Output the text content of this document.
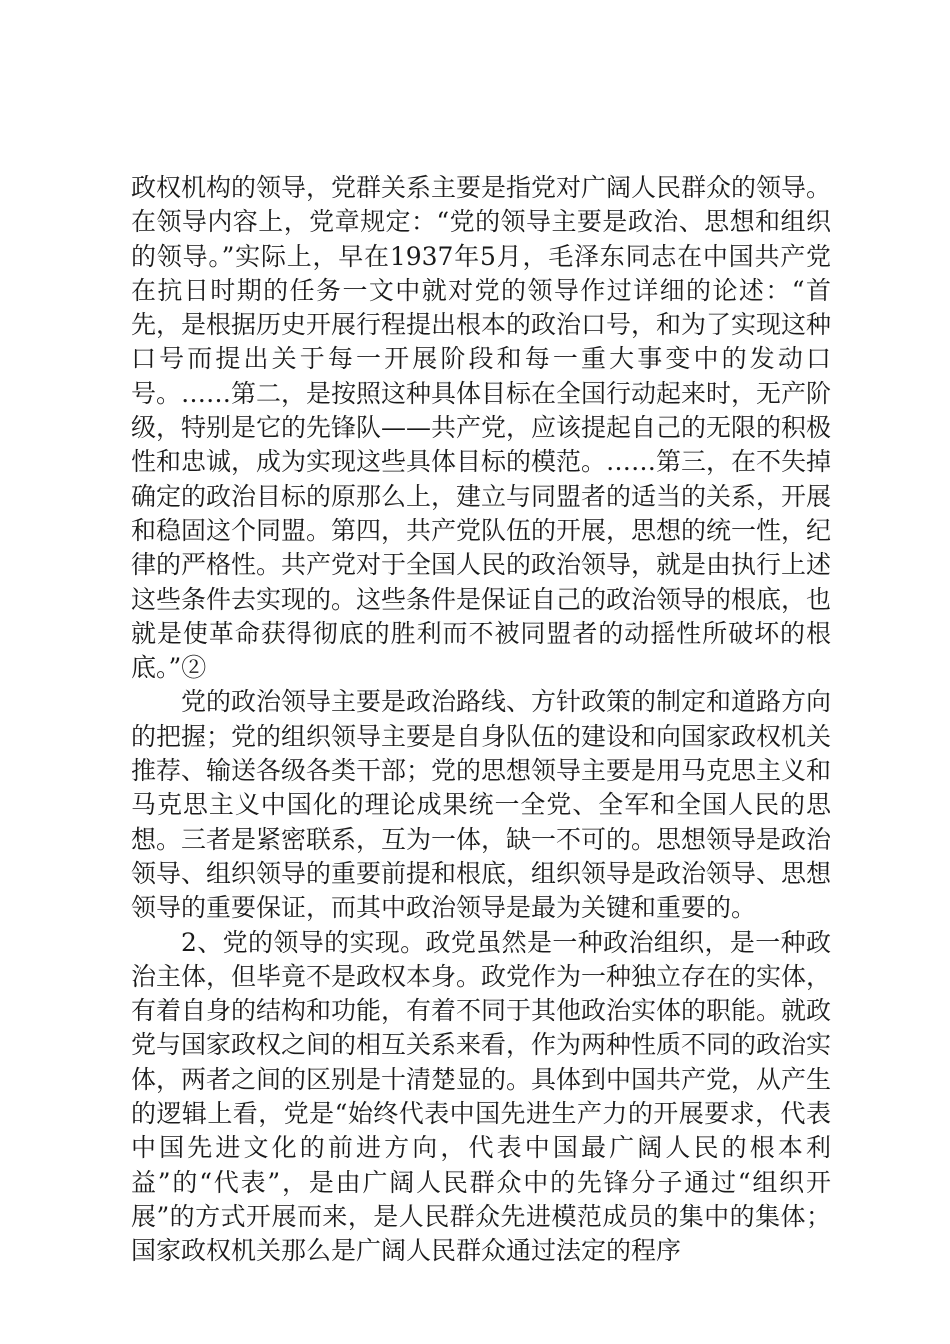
政权机构的领导，党群关系主要是指党对广阔人民群众的领导。在领导内容上，党章规定：“党的领导主要是政治、思想和组织的领导。”实际上，早在1937年5月，毛泽东同志在中国共产党在抗日时期的任务一文中就对党的领导作过详细的论述：“首先，是根据历史开展行程提出根本的政治口号，和为了实现这种口号而提出关于每一开展阶段和每一重大事变中的发动口号。……第二，是按照这种具体目标在全国行动起来时，无产阶级，特别是它的先锋队——共产党，应该提起自己的无限的积极性和忠诚，成为实现这些具体目标的模范。……第三，在不失掉确定的政治目标的原那么上，建立与同盟者的适当的关系，开展和稳固这个同盟。第四，共产党队伍的开展，思想的统一性，纪律的严格性。共产党对于全国人民的政治领导，就是由执行上述这些条件去实现的。这些条件是保证自己的政治领导的根底，也就是使革命获得彻底的胜利而不被同盟者的动摇性所破坏的根底。”②

党的政治领导主要是政治路线、方针政策的制定和道路方向的把握；党的组织领导主要是自身队伍的建设和向国家政权机关推荐、输送各级各类干部；党的思想领导主要是用马克思主义和马克思主义中国化的理论成果统一全党、全军和全国人民的思想。三者是紧密联系，互为一体，缺一不可的。思想领导是政治领导、组织领导的重要前提和根底，组织领导是政治领导、思想领导的重要保证，而其中政治领导是最为关键和重要的。

2、党的领导的实现。政党虽然是一种政治组织，是一种政治主体，但毕竟不是政权本身。政党作为一种独立存在的实体，有着自身的结构和功能，有着不同于其他政治实体的职能。就政党与国家政权之间的相互关系来看，作为两种性质不同的政治实体，两者之间的区别是十清楚显的。具体到中国共产党，从产生的逻辑上看，党是“始终代表中国先进生产力的开展要求，代表中国先进文化的前进方向，代表中国最广阔人民的根本利益”的“代表”，是由广阔人民群众中的先锋分子通过“组织开展”的方式开展而来，是人民群众先进模范成员的集中的集体；国家政权机关那么是广阔人民群众通过法定的程序
